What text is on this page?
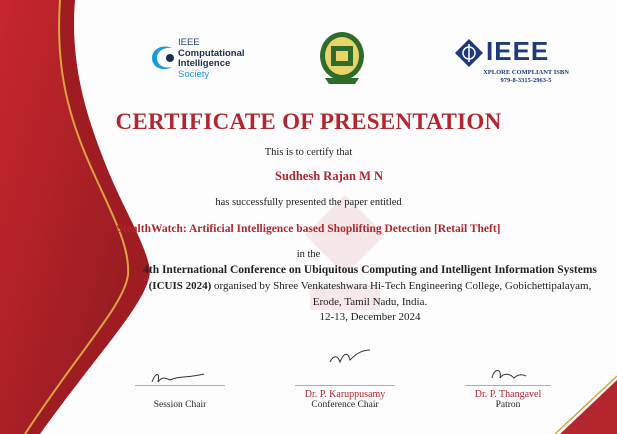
IEEE
Computational
Intelligence
Society
IEEE
XPLORE COMPLIANT ISBN
979-8-3315-2963-5
CERTIFICATE OF PRESENTATION
This is to certify that
Sudhesh Rajan M N
has successfully presented the paper entitled
StealthWatch: Artificial Intelligence based Shoplifting Detection [Retail Theft]
in the
4th International Conference on Ubiquitous Computing and Intelligent Information Systems
(ICUIS 2024) organised by Shree Venkateshwara Hi-Tech Engineering College, Gobichettipalayam,
Erode, Tamil Nadu, India.
12-13, December 2024
Session Chair
Dr. P. Karuppusamy
Conference Chair
Dr. P. Thangavel
Patron
